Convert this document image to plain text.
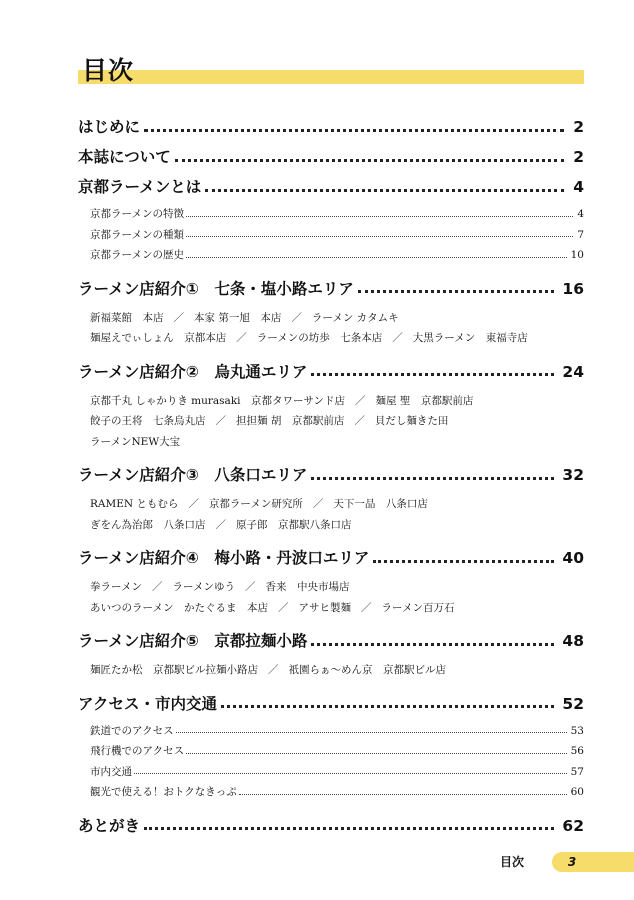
目次
はじめに	2
本誌について	2
京都ラーメンとは	4
京都ラーメンの特徴	4
京都ラーメンの種類	7
京都ラーメンの歴史	10
ラーメン店紹介①　七条・塩小路エリア	16
新福菜館　本店 ／ 本家 第一旭　本店 ／ ラーメン カタムキ
麺屋えでぃしょん　京都本店 ／ ラーメンの坊歩　七条本店 ／ 大黒ラーメン　東福寺店
ラーメン店紹介②　烏丸通エリア	24
京都千丸 しゃかりき murasaki　京都タワーサンド店 ／ 麺屋 聖　京都駅前店
餃子の王将　七条烏丸店 ／ 担担麺 胡　京都駅前店 ／ 貝だし麺きた田
ラーメンNEW大宝
ラーメン店紹介③　八条口エリア	32
RAMEN ともむら ／ 京都ラーメン研究所 ／ 天下一品　八条口店
ぎをん為治郎　八条口店 ／ 原子郎　京都駅八条口店
ラーメン店紹介④　梅小路・丹波口エリア	40
拳ラーメン ／ ラーメンゆう ／ 香来　中央市場店
あいつのラーメン　かたぐるま　本店 ／ アサヒ製麺 ／ ラーメン百万石
ラーメン店紹介⑤　京都拉麺小路	48
麺匠たか松　京都駅ビル拉麺小路店 ／ 祇園らぁ～めん京　京都駅ビル店
アクセス・市内交通	52
鉄道でのアクセス	53
飛行機でのアクセス	56
市内交通	57
観光で使える！おトクなきっぷ	60
あとがき	62
目次	3
